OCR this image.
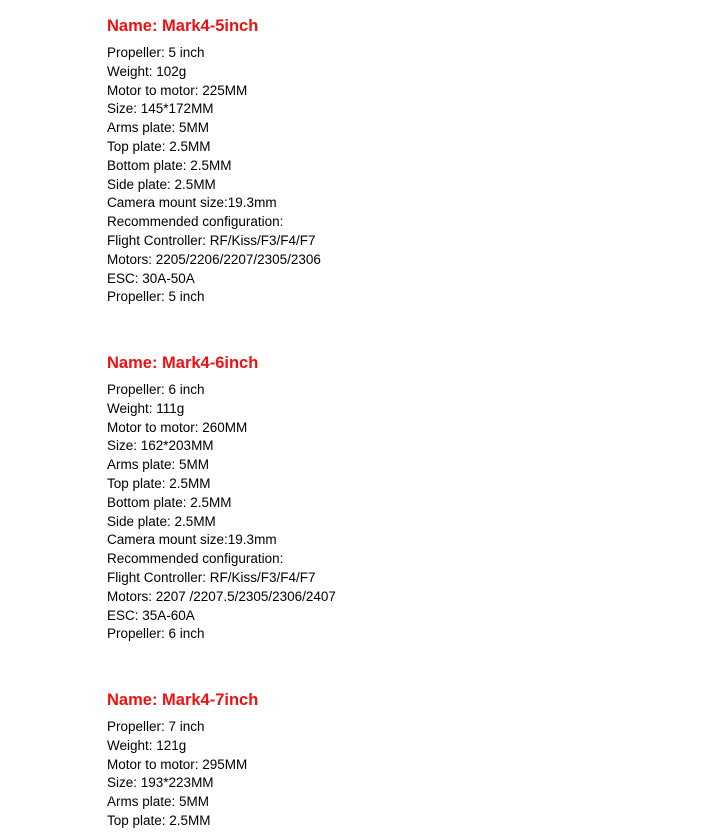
Name: Mark4-5inch
Propeller: 5 inch
Weight: 102g
Motor to motor: 225MM
Size: 145*172MM
Arms plate: 5MM
Top plate: 2.5MM
Bottom plate: 2.5MM
Side plate: 2.5MM
Camera mount size:19.3mm
Recommended configuration:
Flight Controller: RF/Kiss/F3/F4/F7
Motors: 2205/2206/2207/2305/2306
ESC: 30A-50A
Propeller: 5 inch
Name: Mark4-6inch
Propeller: 6 inch
Weight: 111g
Motor to motor: 260MM
Size: 162*203MM
Arms plate: 5MM
Top plate: 2.5MM
Bottom plate: 2.5MM
Side plate: 2.5MM
Camera mount size:19.3mm
Recommended configuration:
Flight Controller: RF/Kiss/F3/F4/F7
Motors: 2207 /2207.5/2305/2306/2407
ESC: 35A-60A
Propeller: 6 inch
Name: Mark4-7inch
Propeller: 7 inch
Weight: 121g
Motor to motor: 295MM
Size: 193*223MM
Arms plate: 5MM
Top plate: 2.5MM
